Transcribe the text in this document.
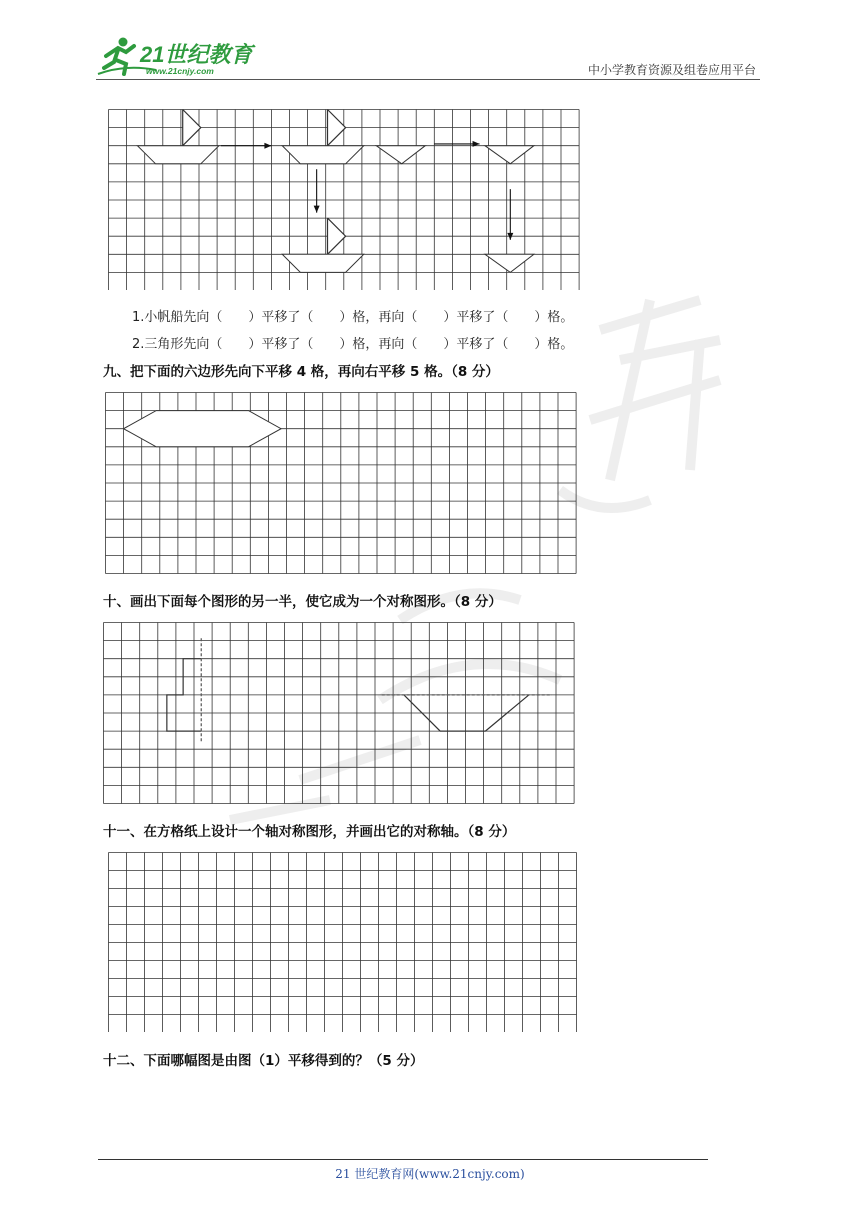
21世纪教育
www.21cnjy.com	中小学教育资源及组卷应用平台
1.小帆船先向（　　）平移了（　　）格，再向（　　）平移了（　　）格。
2.三角形先向（　　）平移了（　　）格，再向（　　）平移了（　　）格。
九、把下面的六边形先向下平移 4 格，再向右平移 5 格。（8 分）
十、画出下面每个图形的另一半，使它成为一个对称图形。（8 分）
十一、在方格纸上设计一个轴对称图形，并画出它的对称轴。（8 分）
十二、下面哪幅图是由图（1）平移得到的？（5 分）
21 世纪教育网(www.21cnjy.com)
